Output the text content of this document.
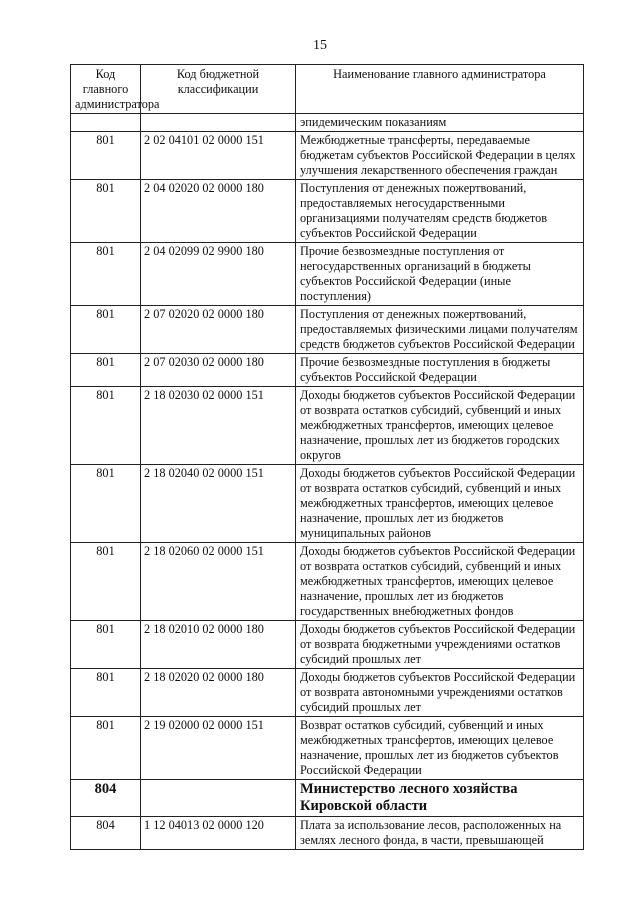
15
Код главного администратора	Код бюджетной классификации	Наименование главного администратора
		эпидемическим показаниям
801	2 02 04101 02 0000 151	Межбюджетные трансферты, передаваемые бюджетам субъектов Российской Федерации в целях улучшения лекарственного обеспечения граждан
801	2 04 02020 02 0000 180	Поступления от денежных пожертвований, предоставляемых негосударственными организациями получателям средств бюджетов субъектов Российской Федерации
801	2 04 02099 02 9900 180	Прочие безвозмездные поступления от негосударственных организаций в бюджеты субъектов Российской Федерации (иные поступления)
801	2 07 02020 02 0000 180	Поступления от денежных пожертвований, предоставляемых физическими лицами получателям средств бюджетов субъектов Российской Федерации
801	2 07 02030 02 0000 180	Прочие безвозмездные поступления в бюджеты субъектов Российской Федерации
801	2 18 02030 02 0000 151	Доходы бюджетов субъектов Российской Федерации от возврата остатков субсидий, субвенций и иных межбюджетных трансфертов, имеющих целевое назначение, прошлых лет из бюджетов городских округов
801	2 18 02040 02 0000 151	Доходы бюджетов субъектов Российской Федерации от возврата остатков субсидий, субвенций и иных межбюджетных трансфертов, имеющих целевое назначение, прошлых лет из бюджетов муниципальных районов
801	2 18 02060 02 0000 151	Доходы бюджетов субъектов Российской Федерации от возврата остатков субсидий, субвенций и иных межбюджетных трансфертов, имеющих целевое назначение, прошлых лет из бюджетов государственных внебюджетных фондов
801	2 18 02010 02 0000 180	Доходы бюджетов субъектов Российской Федерации от возврата бюджетными учреждениями остатков субсидий прошлых лет
801	2 18 02020 02 0000 180	Доходы бюджетов субъектов Российской Федерации от возврата автономными учреждениями остатков субсидий прошлых лет
801	2 19 02000 02 0000 151	Возврат остатков субсидий, субвенций и иных межбюджетных трансфертов, имеющих целевое назначение, прошлых лет из бюджетов субъектов Российской Федерации
804		Министерство лесного хозяйства Кировской области
804	1 12 04013 02 0000 120	Плата за использование лесов, расположенных на землях лесного фонда, в части, превышающей
